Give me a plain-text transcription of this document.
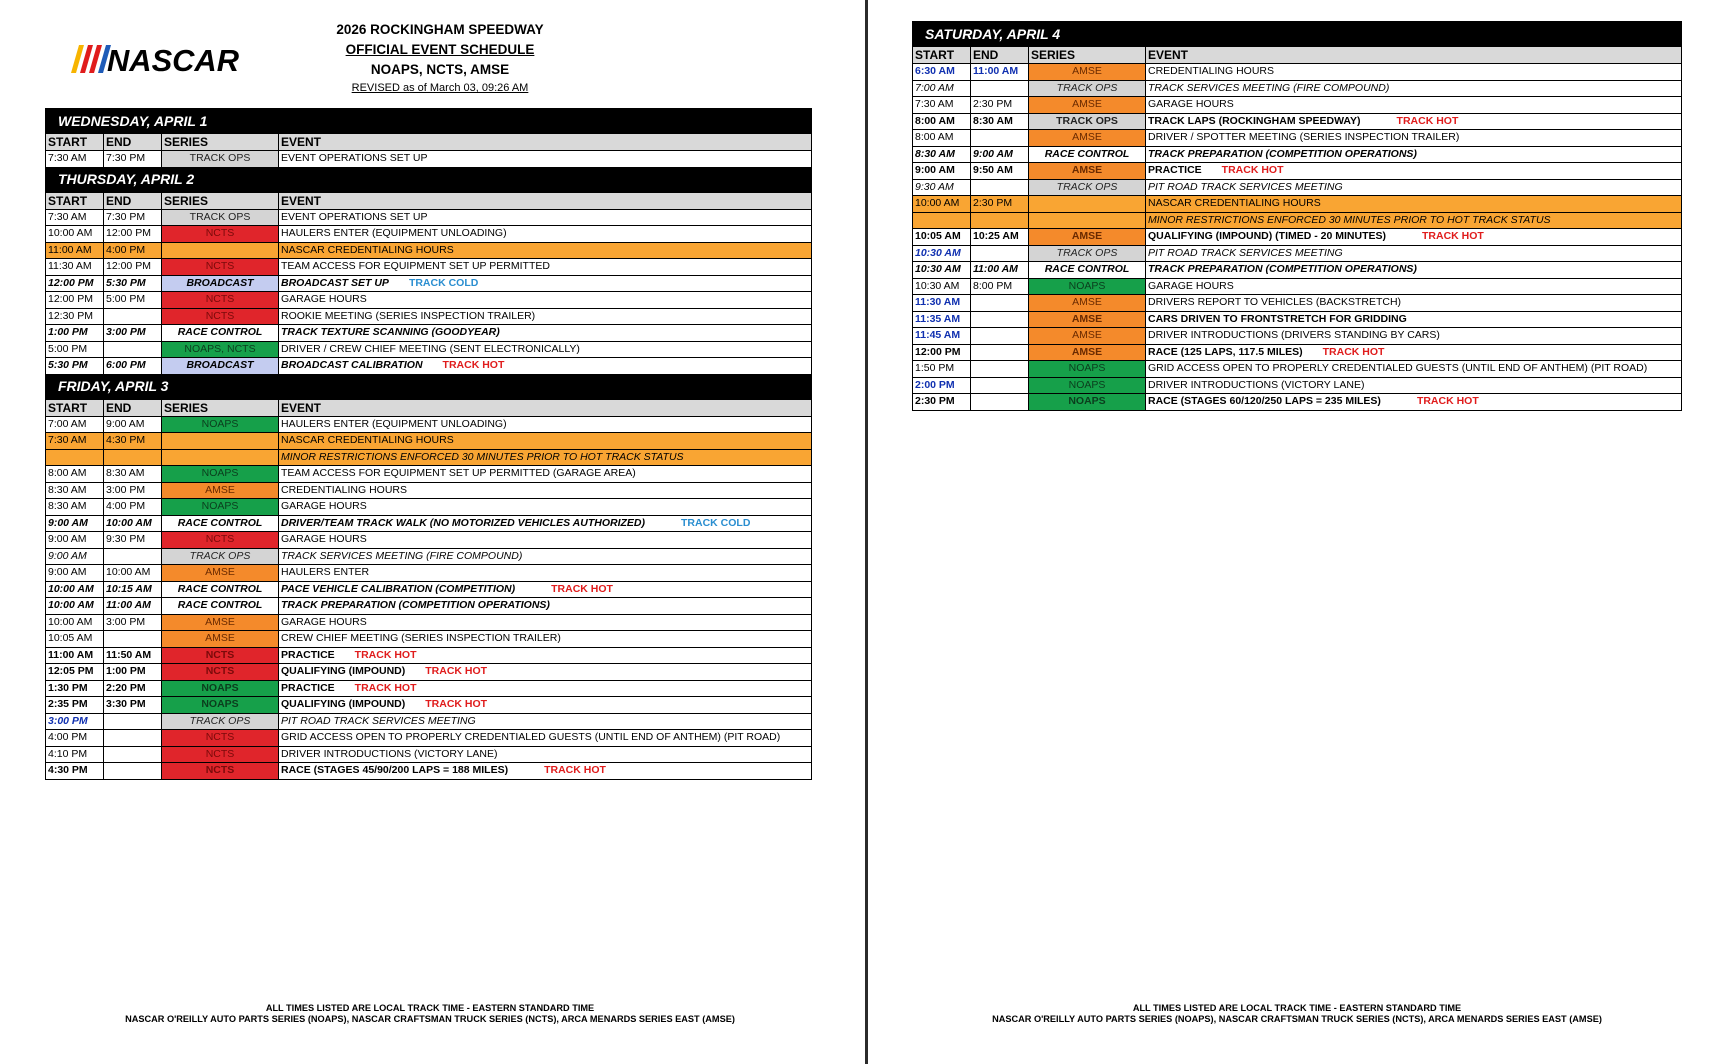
NASCAR
2026 ROCKINGHAM SPEEDWAY
OFFICIAL EVENT SCHEDULE
NOAPS, NCTS, AMSE
REVISED as of March 03, 09:26 AM
WEDNESDAY, APRIL 1			
START	END	SERIES	EVENT
7:30 AM	7:30 PM	TRACK OPS	EVENT OPERATIONS SET UP
THURSDAY, APRIL 2			
START	END	SERIES	EVENT
7:30 AM	7:30 PM	TRACK OPS	EVENT OPERATIONS SET UP
10:00 AM	12:00 PM	NCTS	HAULERS ENTER (EQUIPMENT UNLOADING)
11:00 AM	4:00 PM		NASCAR CREDENTIALING HOURS
11:30 AM	12:00 PM	NCTS	TEAM ACCESS FOR EQUIPMENT SET UP PERMITTED
12:00 PM	5:30 PM	BROADCAST	BROADCAST SET UP TRACK COLD
12:00 PM	5:00 PM	NCTS	GARAGE HOURS
12:30 PM		NCTS	ROOKIE MEETING (SERIES INSPECTION TRAILER)
1:00 PM	3:00 PM	RACE CONTROL	TRACK TEXTURE SCANNING (GOODYEAR)
5:00 PM		NOAPS, NCTS	DRIVER / CREW CHIEF MEETING (SENT ELECTRONICALLY)
5:30 PM	6:00 PM	BROADCAST	BROADCAST CALIBRATION TRACK HOT
FRIDAY, APRIL 3			
START	END	SERIES	EVENT
7:00 AM	9:00 AM	NOAPS	HAULERS ENTER (EQUIPMENT UNLOADING)
7:30 AM	4:30 PM		NASCAR CREDENTIALING HOURS
			MINOR RESTRICTIONS ENFORCED 30 MINUTES PRIOR TO HOT TRACK STATUS
8:00 AM	8:30 AM	NOAPS	TEAM ACCESS FOR EQUIPMENT SET UP PERMITTED (GARAGE AREA)
8:30 AM	3:00 PM	AMSE	CREDENTIALING HOURS
8:30 AM	4:00 PM	NOAPS	GARAGE HOURS
9:00 AM	10:00 AM	RACE CONTROL	DRIVER/TEAM TRACK WALK (NO MOTORIZED VEHICLES AUTHORIZED) TRACK COLD
9:00 AM	9:30 PM	NCTS	GARAGE HOURS
9:00 AM		TRACK OPS	TRACK SERVICES MEETING (FIRE COMPOUND)
9:00 AM	10:00 AM	AMSE	HAULERS ENTER
10:00 AM	10:15 AM	RACE CONTROL	PACE VEHICLE CALIBRATION (COMPETITION) TRACK HOT
10:00 AM	11:00 AM	RACE CONTROL	TRACK PREPARATION (COMPETITION OPERATIONS)
10:00 AM	3:00 PM	AMSE	GARAGE HOURS
10:05 AM		AMSE	CREW CHIEF MEETING (SERIES INSPECTION TRAILER)
11:00 AM	11:50 AM	NCTS	PRACTICE TRACK HOT
12:05 PM	1:00 PM	NCTS	QUALIFYING (IMPOUND) TRACK HOT
1:30 PM	2:20 PM	NOAPS	PRACTICE TRACK HOT
2:35 PM	3:30 PM	NOAPS	QUALIFYING (IMPOUND) TRACK HOT
3:00 PM		TRACK OPS	PIT ROAD TRACK SERVICES MEETING
4:00 PM		NCTS	GRID ACCESS OPEN TO PROPERLY CREDENTIALED GUESTS (UNTIL END OF ANTHEM) (PIT ROAD)
4:10 PM		NCTS	DRIVER INTRODUCTIONS (VICTORY LANE)
4:30 PM		NCTS	RACE (STAGES 45/90/200 LAPS = 188 MILES) TRACK HOT
ALL TIMES LISTED ARE LOCAL TRACK TIME - EASTERN STANDARD TIME
NASCAR O'REILLY AUTO PARTS SERIES (NOAPS), NASCAR CRAFTSMAN TRUCK SERIES (NCTS), ARCA MENARDS SERIES EAST (AMSE)
SATURDAY, APRIL 4			
START	END	SERIES	EVENT
6:30 AM	11:00 AM	AMSE	CREDENTIALING HOURS
7:00 AM		TRACK OPS	TRACK SERVICES MEETING (FIRE COMPOUND)
7:30 AM	2:30 PM	AMSE	GARAGE HOURS
8:00 AM	8:30 AM	TRACK OPS	TRACK LAPS (ROCKINGHAM SPEEDWAY) TRACK HOT
8:00 AM		AMSE	DRIVER / SPOTTER MEETING (SERIES INSPECTION TRAILER)
8:30 AM	9:00 AM	RACE CONTROL	TRACK PREPARATION (COMPETITION OPERATIONS)
9:00 AM	9:50 AM	AMSE	PRACTICE TRACK HOT
9:30 AM		TRACK OPS	PIT ROAD TRACK SERVICES MEETING
10:00 AM	2:30 PM		NASCAR CREDENTIALING HOURS
			MINOR RESTRICTIONS ENFORCED 30 MINUTES PRIOR TO HOT TRACK STATUS
10:05 AM	10:25 AM	AMSE	QUALIFYING (IMPOUND) (TIMED - 20 MINUTES) TRACK HOT
10:30 AM		TRACK OPS	PIT ROAD TRACK SERVICES MEETING
10:30 AM	11:00 AM	RACE CONTROL	TRACK PREPARATION (COMPETITION OPERATIONS)
10:30 AM	8:00 PM	NOAPS	GARAGE HOURS
11:30 AM		AMSE	DRIVERS REPORT TO VEHICLES (BACKSTRETCH)
11:35 AM		AMSE	CARS DRIVEN TO FRONTSTRETCH FOR GRIDDING
11:45 AM		AMSE	DRIVER INTRODUCTIONS (DRIVERS STANDING BY CARS)
12:00 PM		AMSE	RACE (125 LAPS, 117.5 MILES) TRACK HOT
1:50 PM		NOAPS	GRID ACCESS OPEN TO PROPERLY CREDENTIALED GUESTS (UNTIL END OF ANTHEM) (PIT ROAD)
2:00 PM		NOAPS	DRIVER INTRODUCTIONS (VICTORY LANE)
2:30 PM		NOAPS	RACE (STAGES 60/120/250 LAPS = 235 MILES) TRACK HOT
ALL TIMES LISTED ARE LOCAL TRACK TIME - EASTERN STANDARD TIME
NASCAR O'REILLY AUTO PARTS SERIES (NOAPS), NASCAR CRAFTSMAN TRUCK SERIES (NCTS), ARCA MENARDS SERIES EAST (AMSE)
